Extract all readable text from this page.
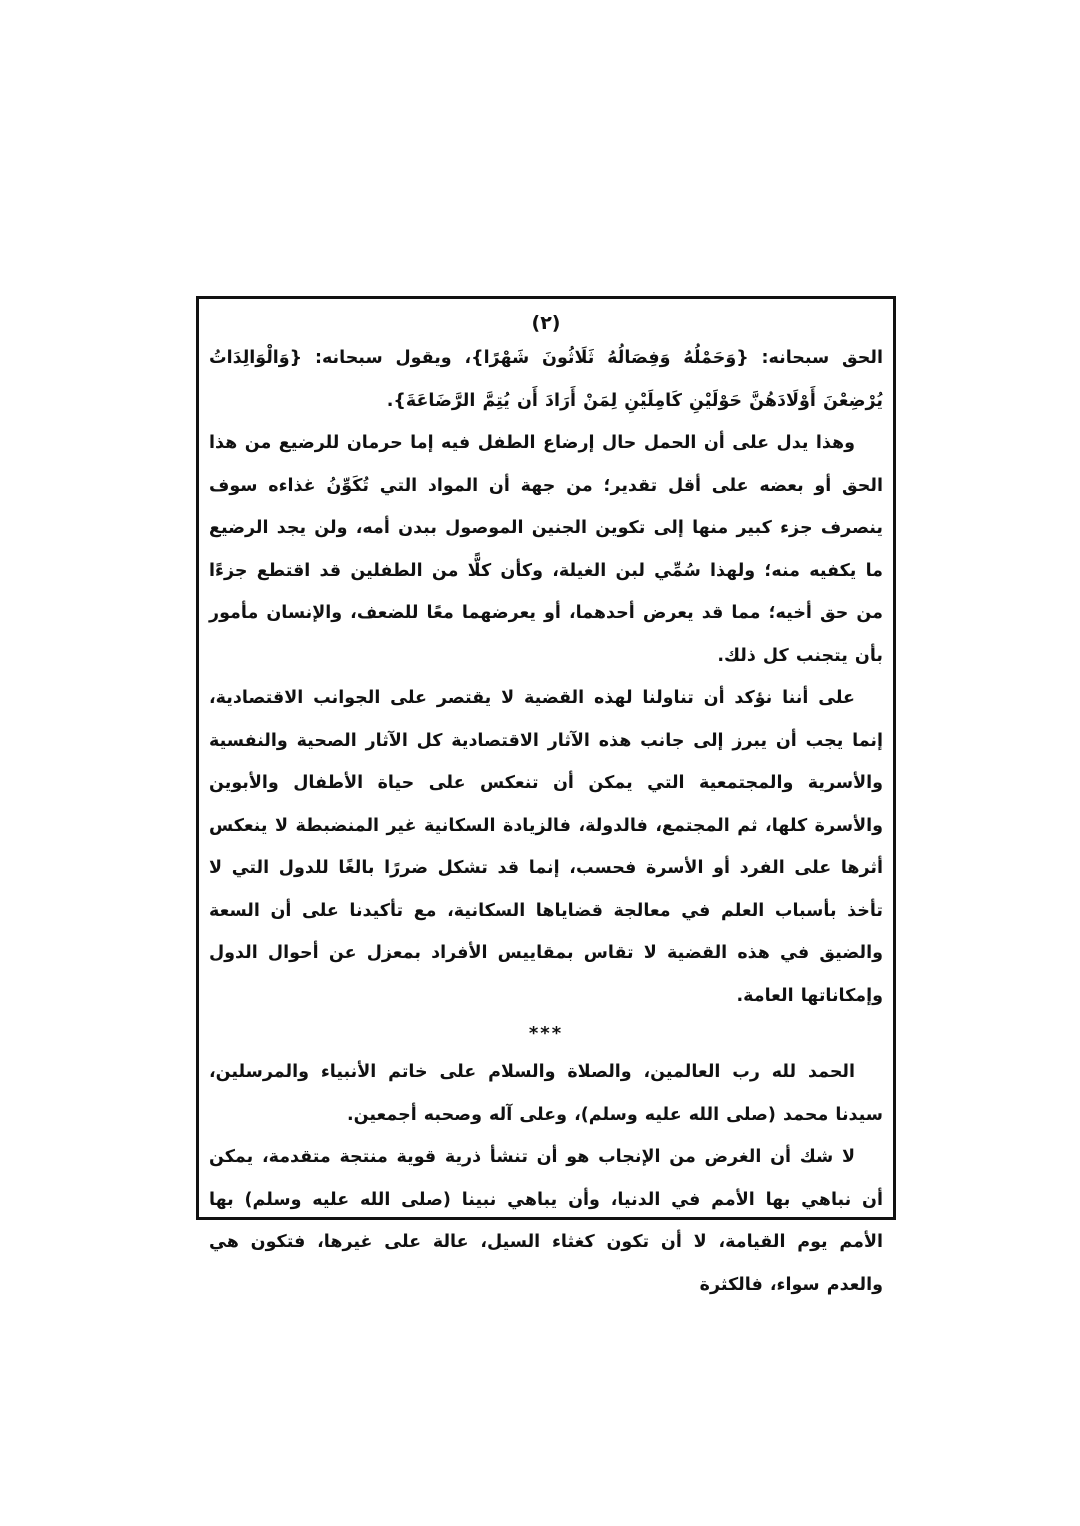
(٢)

الحق سبحانه: {وَحَمْلُهُ وَفِصَالُهُ ثَلَاثُونَ شَهْرًا}، ويقول سبحانه: {وَالْوَالِدَاتُ يُرْضِعْنَ أَوْلَادَهُنَّ حَوْلَيْنِ كَامِلَيْنِ لِمَنْ أَرَادَ أَن يُتِمَّ الرَّضَاعَةَ}.

وهذا يدل على أن الحمل حال إرضاع الطفل فيه إما حرمان للرضيع من هذا الحق أو بعضه على أقل تقدير؛ من جهة أن المواد التي تُكَوِّنُ غذاءه سوف ينصرف جزء كبير منها إلى تكوين الجنين الموصول ببدن أمه، ولن يجد الرضيع ما يكفيه منه؛ ولهذا سُمِّي لبن الغيلة، وكأن كلًّا من الطفلين قد اقتطع جزءًا من حق أخيه؛ مما قد يعرض أحدهما، أو يعرضهما معًا للضعف، والإنسان مأمور بأن يتجنب كل ذلك.

على أننا نؤكد أن تناولنا لهذه القضية لا يقتصر على الجوانب الاقتصادية، إنما يجب أن يبرز إلى جانب هذه الآثار الاقتصادية كل الآثار الصحية والنفسية والأسرية والمجتمعية التي يمكن أن تنعكس على حياة الأطفال والأبوين والأسرة كلها، ثم المجتمع، فالدولة، فالزيادة السكانية غير المنضبطة لا ينعكس أثرها على الفرد أو الأسرة فحسب، إنما قد تشكل ضررًا بالغًا للدول التي لا تأخذ بأسباب العلم في معالجة قضاياها السكانية، مع تأكيدنا على أن السعة والضيق في هذه القضية لا تقاس بمقاييس الأفراد بمعزل عن أحوال الدول وإمكاناتها العامة.

***

الحمد لله رب العالمين، والصلاة والسلام على خاتم الأنبياء والمرسلين، سيدنا محمد (صلى الله عليه وسلم)، وعلى آله وصحبه أجمعين.

لا شك أن الغرض من الإنجاب هو أن تنشأ ذرية قوية منتجة متقدمة، يمكن أن نباهي بها الأمم في الدنيا، وأن يباهي نبينا (صلى الله عليه وسلم) بها الأمم يوم القيامة، لا أن تكون كغثاء السيل، عالة على غيرها، فتكون هي والعدم سواء، فالكثرة
